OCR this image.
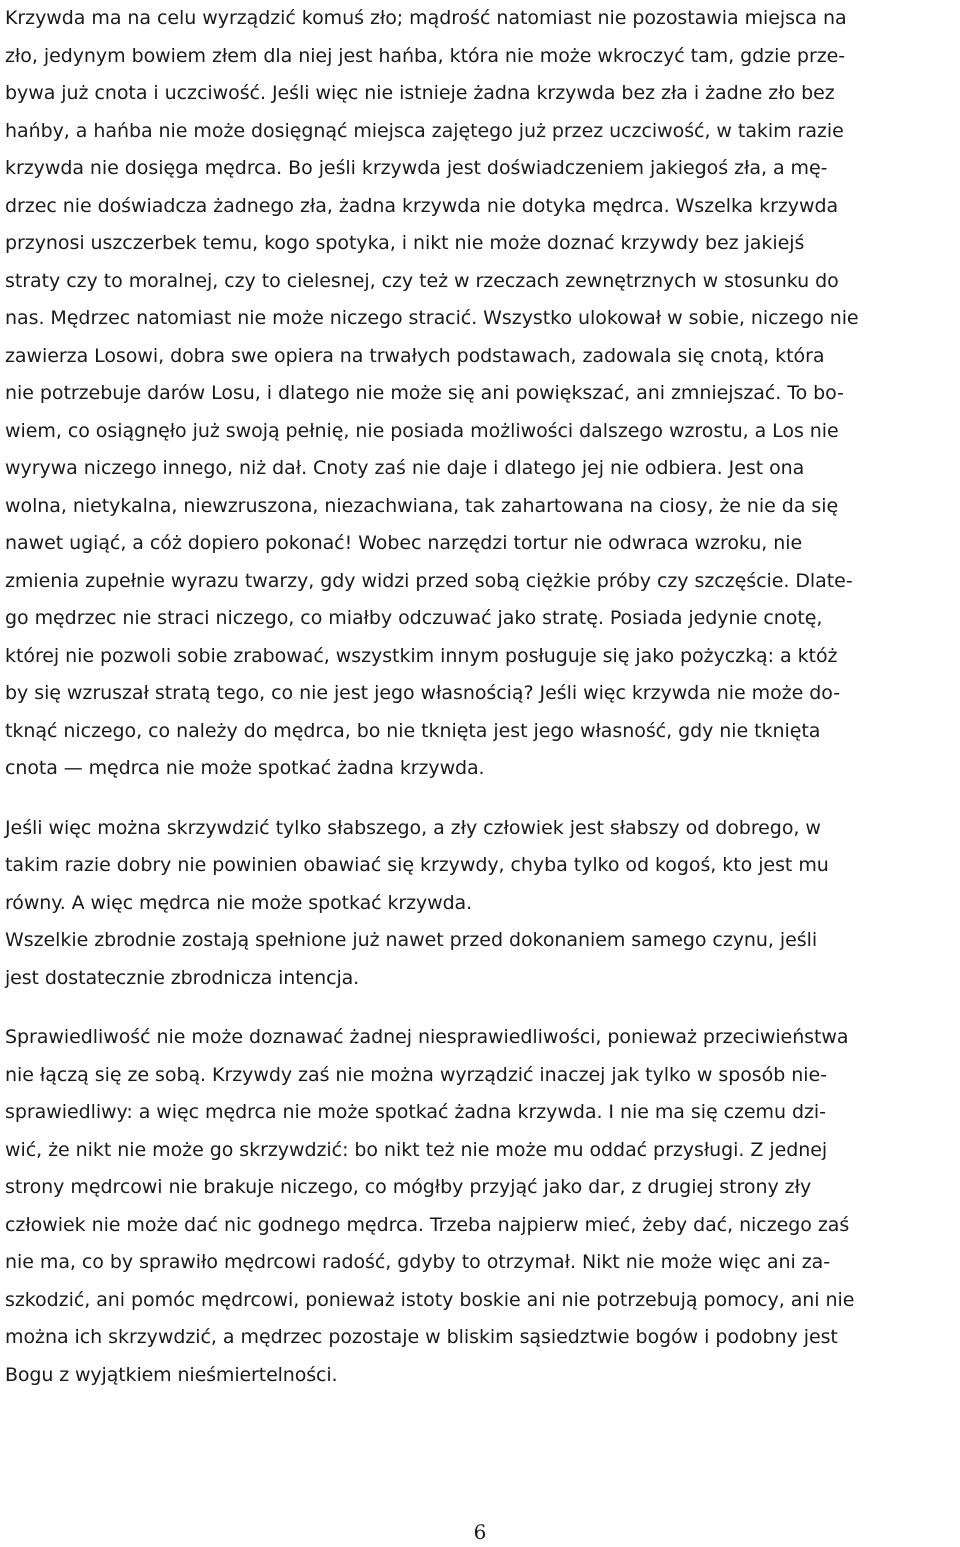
Krzywda ma na celu wyrządzić komuś zło; mądrość natomiast nie pozostawia miejsca na
zło, jedynym bowiem złem dla niej jest hańba, która nie może wkroczyć tam, gdzie prze-
bywa już cnota i uczciwość. Jeśli więc nie istnieje żadna krzywda bez zła i żadne zło bez
hańby, a hańba nie może dosięgnąć miejsca zajętego już przez uczciwość, w takim razie
krzywda nie dosięga mędrca. Bo jeśli krzywda jest doświadczeniem jakiegoś zła, a mę-
drzec nie doświadcza żadnego zła, żadna krzywda nie dotyka mędrca. Wszelka krzywda
przynosi uszczerbek temu, kogo spotyka, i nikt nie może doznać krzywdy bez jakiejś
straty czy to moralnej, czy to cielesnej, czy też w rzeczach zewnętrznych w stosunku do
nas. Mędrzec natomiast nie może niczego stracić. Wszystko ulokował w sobie, niczego nie
zawierza Losowi, dobra swe opiera na trwałych podstawach, zadowala się cnotą, która
nie potrzebuje darów Losu, i dlatego nie może się ani powiększać, ani zmniejszać. To bo-
wiem, co osiągnęło już swoją pełnię, nie posiada możliwości dalszego wzrostu, a Los nie
wyrywa niczego innego, niż dał. Cnoty zaś nie daje i dlatego jej nie odbiera. Jest ona
wolna, nietykalna, niewzruszona, niezachwiana, tak zahartowana na ciosy, że nie da się
nawet ugiąć, a cóż dopiero pokonać! Wobec narzędzi tortur nie odwraca wzroku, nie
zmienia zupełnie wyrazu twarzy, gdy widzi przed sobą ciężkie próby czy szczęście. Dlate-
go mędrzec nie straci niczego, co miałby odczuwać jako stratę. Posiada jedynie cnotę,
której nie pozwoli sobie zrabować, wszystkim innym posługuje się jako pożyczką: a któż
by się wzruszał stratą tego, co nie jest jego własnością? Jeśli więc krzywda nie może do-
tknąć niczego, co należy do mędrca, bo nie tknięta jest jego własność, gdy nie tknięta
cnota — mędrca nie może spotkać żadna krzywda.

Jeśli więc można skrzywdzić tylko słabszego, a zły człowiek jest słabszy od dobrego, w
takim razie dobry nie powinien obawiać się krzywdy, chyba tylko od kogoś, kto jest mu
równy. A więc mędrca nie może spotkać krzywda.
Wszelkie zbrodnie zostają spełnione już nawet przed dokonaniem samego czynu, jeśli
jest dostatecznie zbrodnicza intencja.

Sprawiedliwość nie może doznawać żadnej niesprawiedliwości, ponieważ przeciwieństwa
nie łączą się ze sobą. Krzywdy zaś nie można wyrządzić inaczej jak tylko w sposób nie-
sprawiedliwy: a więc mędrca nie może spotkać żadna krzywda. I nie ma się czemu dzi-
wić, że nikt nie może go skrzywdzić: bo nikt też nie może mu oddać przysługi. Z jednej
strony mędrcowi nie brakuje niczego, co mógłby przyjąć jako dar, z drugiej strony zły
człowiek nie może dać nic godnego mędrca. Trzeba najpierw mieć, żeby dać, niczego zaś
nie ma, co by sprawiło mędrcowi radość, gdyby to otrzymał. Nikt nie może więc ani za-
szkodzić, ani pomóc mędrcowi, ponieważ istoty boskie ani nie potrzebują pomocy, ani nie
można ich skrzywdzić, a mędrzec pozostaje w bliskim sąsiedztwie bogów i podobny jest
Bogu z wyjątkiem nieśmiertelności.

6
